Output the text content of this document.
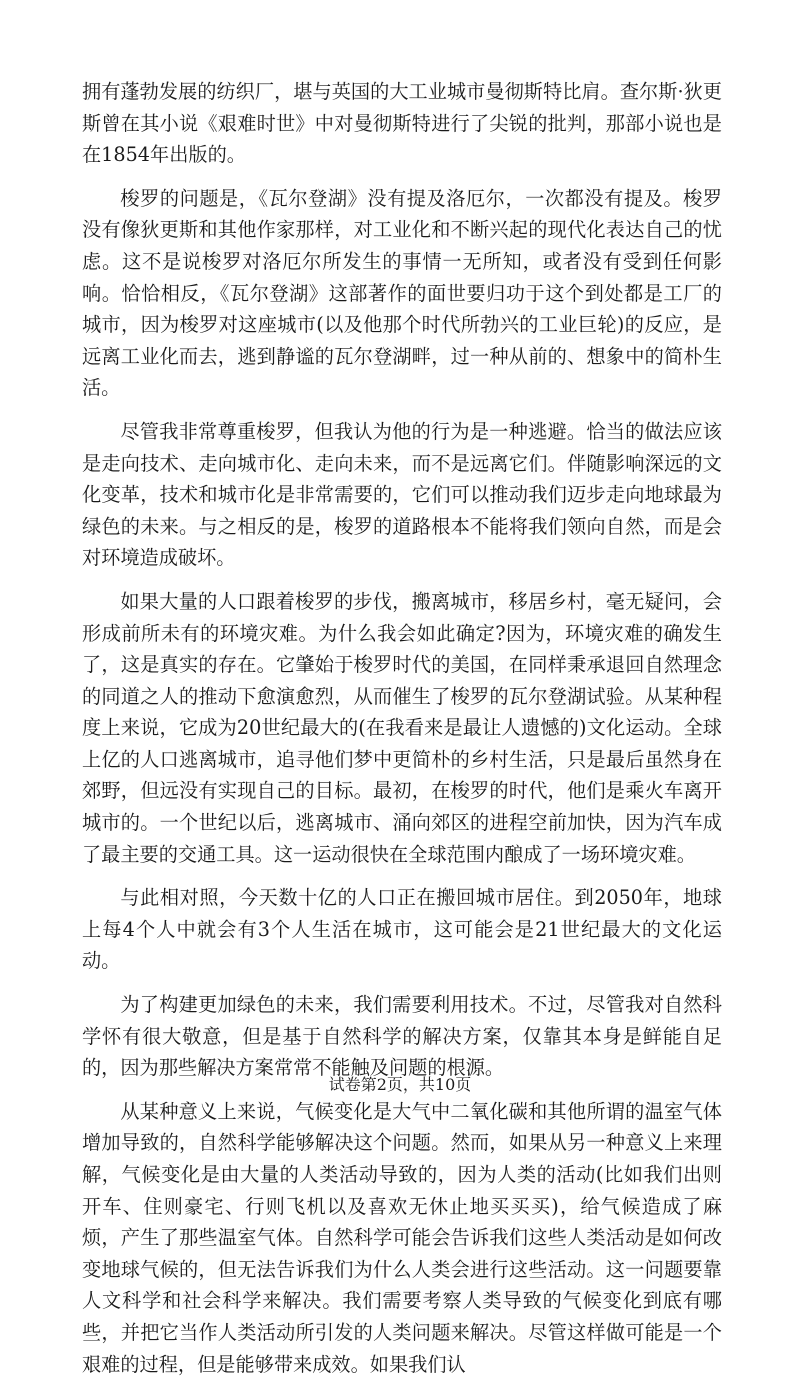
拥有蓬勃发展的纺织厂，堪与英国的大工业城市曼彻斯特比肩。查尔斯·狄更斯曾在其小说《艰难时世》中对曼彻斯特进行了尖锐的批判，那部小说也是在1854年出版的。

梭罗的问题是，《瓦尔登湖》没有提及洛厄尔，一次都没有提及。梭罗没有像狄更斯和其他作家那样，对工业化和不断兴起的现代化表达自己的忧虑。这不是说梭罗对洛厄尔所发生的事情一无所知，或者没有受到任何影响。恰恰相反，《瓦尔登湖》这部著作的面世要归功于这个到处都是工厂的城市，因为梭罗对这座城市(以及他那个时代所勃兴的工业巨轮)的反应，是远离工业化而去，逃到静谧的瓦尔登湖畔，过一种从前的、想象中的简朴生活。

尽管我非常尊重梭罗，但我认为他的行为是一种逃避。恰当的做法应该是走向技术、走向城市化、走向未来，而不是远离它们。伴随影响深远的文化变革，技术和城市化是非常需要的，它们可以推动我们迈步走向地球最为绿色的未来。与之相反的是，梭罗的道路根本不能将我们领向自然，而是会对环境造成破坏。

如果大量的人口跟着梭罗的步伐，搬离城市，移居乡村，毫无疑问，会形成前所未有的环境灾难。为什么我会如此确定?因为，环境灾难的确发生了，这是真实的存在。它肇始于梭罗时代的美国，在同样秉承退回自然理念的同道之人的推动下愈演愈烈，从而催生了梭罗的瓦尔登湖试验。从某种程度上来说，它成为20世纪最大的(在我看来是最让人遗憾的)文化运动。全球上亿的人口逃离城市，追寻他们梦中更简朴的乡村生活，只是最后虽然身在郊野，但远没有实现自己的目标。最初，在梭罗的时代，他们是乘火车离开城市的。一个世纪以后，逃离城市、涌向郊区的进程空前加快，因为汽车成了最主要的交通工具。这一运动很快在全球范围内酿成了一场环境灾难。

与此相对照，今天数十亿的人口正在搬回城市居住。到2050年，地球上每4个人中就会有3个人生活在城市，这可能会是21世纪最大的文化运动。

为了构建更加绿色的未来，我们需要利用技术。不过，尽管我对自然科学怀有很大敬意，但是基于自然科学的解决方案，仅靠其本身是鲜能自足的，因为那些解决方案常常不能触及问题的根源。

从某种意义上来说，气候变化是大气中二氧化碳和其他所谓的温室气体增加导致的，自然科学能够解决这个问题。然而，如果从另一种意义上来理解，气候变化是由大量的人类活动导致的，因为人类的活动(比如我们出则开车、住则豪宅、行则飞机以及喜欢无休止地买买买)，给气候造成了麻烦，产生了那些温室气体。自然科学可能会告诉我们这些人类活动是如何改变地球气候的，但无法告诉我们为什么人类会进行这些活动。这一问题要靠人文科学和社会科学来解决。我们需要考察人类导致的气候变化到底有哪些，并把它当作人类活动所引发的人类问题来解决。尽管这样做可能是一个艰难的过程，但是能够带来成效。如果我们认

试卷第2页，共10页
